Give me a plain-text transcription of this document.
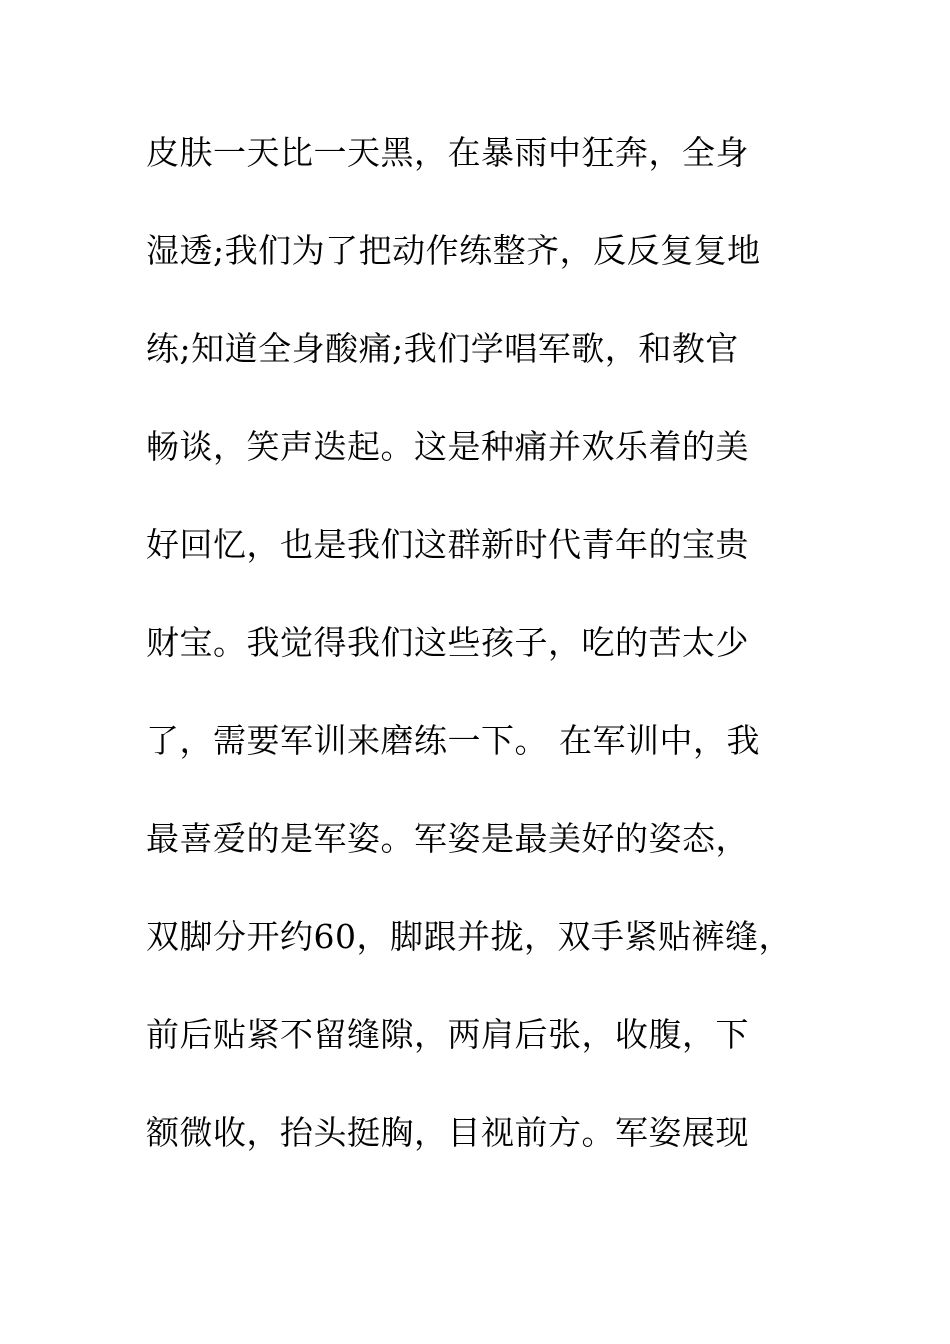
皮肤一天比一天黑，在暴雨中狂奔，全身
湿透;我们为了把动作练整齐，反反复复地
练;知道全身酸痛;我们学唱军歌，和教官
畅谈，笑声迭起。这是种痛并欢乐着的美
好回忆，也是我们这群新时代青年的宝贵
财宝。我觉得我们这些孩子，吃的苦太少
了，需要军训来磨练一下。 在军训中，我
最喜爱的是军姿。军姿是最美好的姿态，
双脚分开约60，脚跟并拢，双手紧贴裤缝，
前后贴紧不留缝隙，两肩后张，收腹，下
额微收，抬头挺胸，目视前方。军姿展现
